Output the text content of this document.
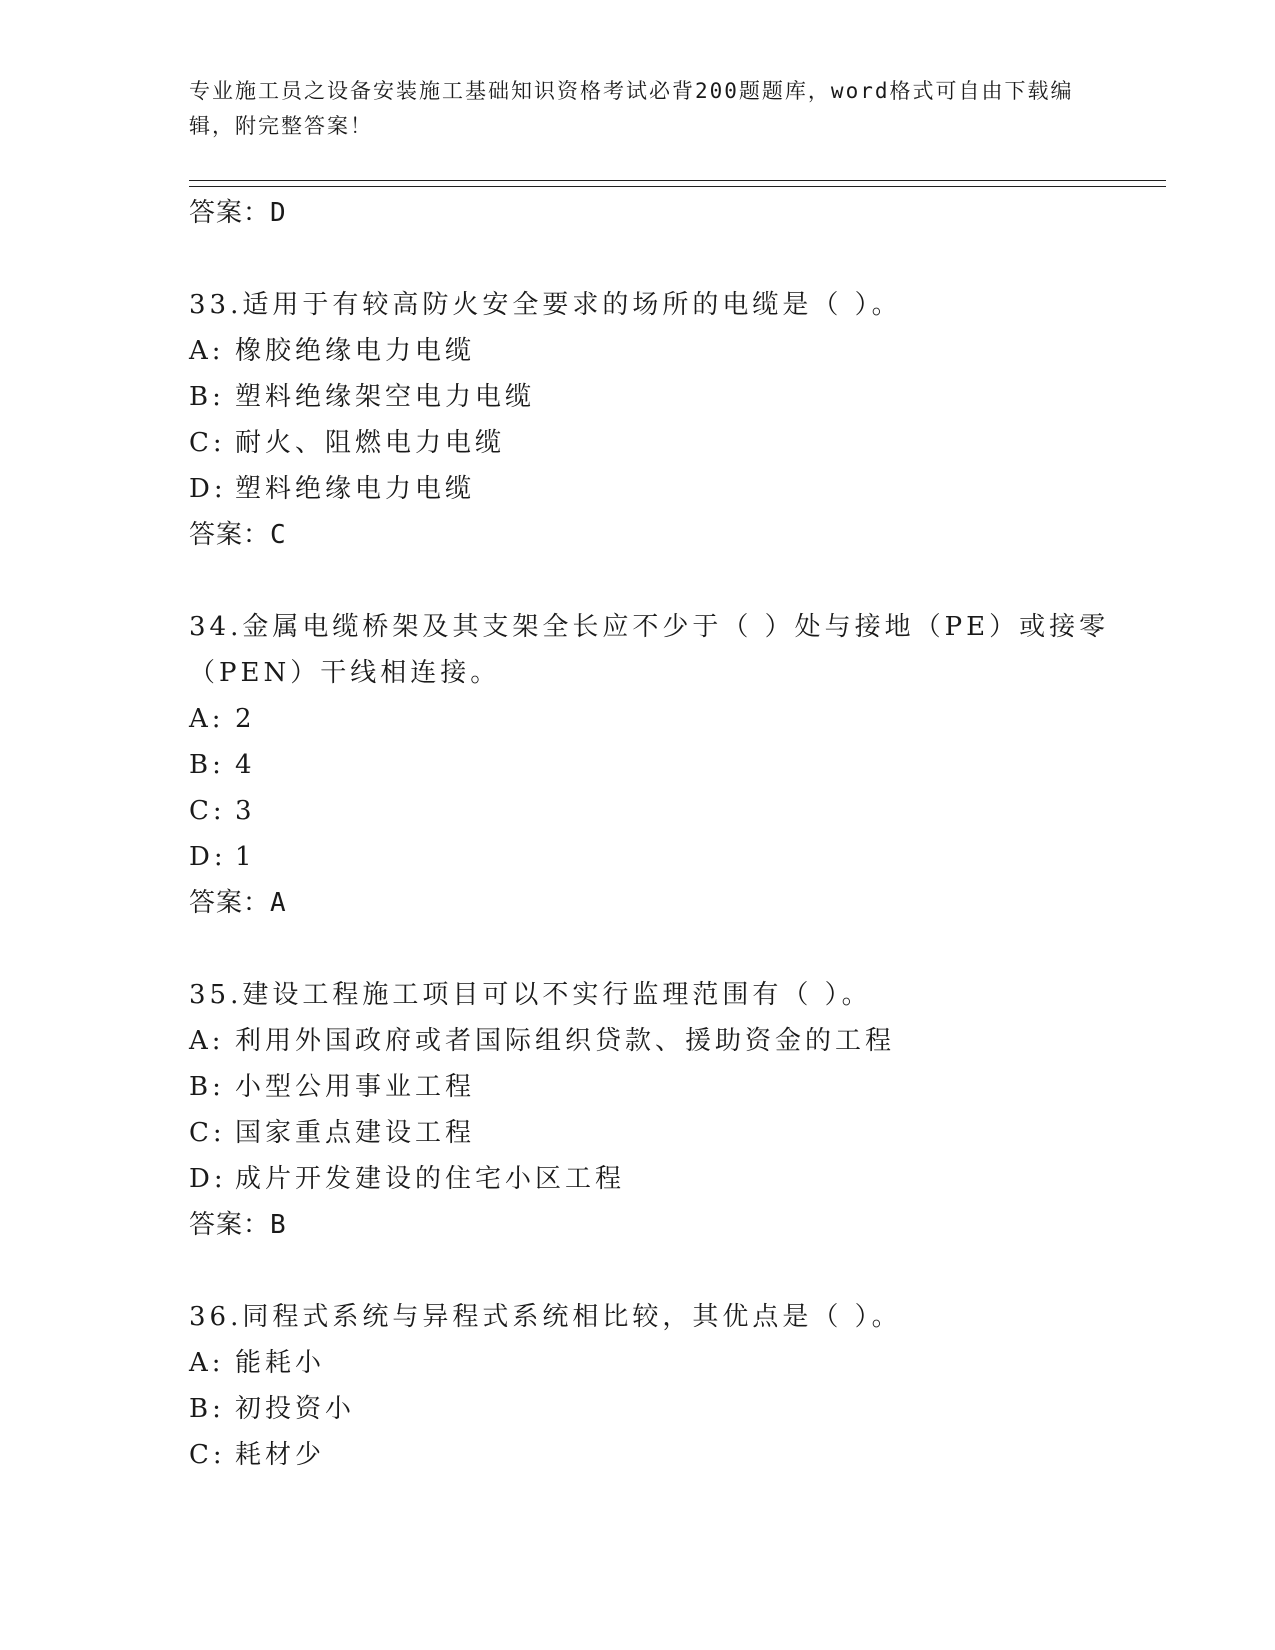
专业施工员之设备安装施工基础知识资格考试必背200题题库，word格式可自由下载编辑，附完整答案！
答案：D
33.适用于有较高防火安全要求的场所的电缆是（ ）。
A: 橡胶绝缘电力电缆
B: 塑料绝缘架空电力电缆
C: 耐火、阻燃电力电缆
D: 塑料绝缘电力电缆
答案：C
34.金属电缆桥架及其支架全长应不少于（ ）处与接地（PE）或接零（PEN）干线相连接。
A: 2
B: 4
C: 3
D: 1
答案：A
35.建设工程施工项目可以不实行监理范围有（ ）。
A: 利用外国政府或者国际组织贷款、援助资金的工程
B: 小型公用事业工程
C: 国家重点建设工程
D: 成片开发建设的住宅小区工程
答案：B
36.同程式系统与异程式系统相比较，其优点是（ ）。
A: 能耗小
B: 初投资小
C: 耗材少
